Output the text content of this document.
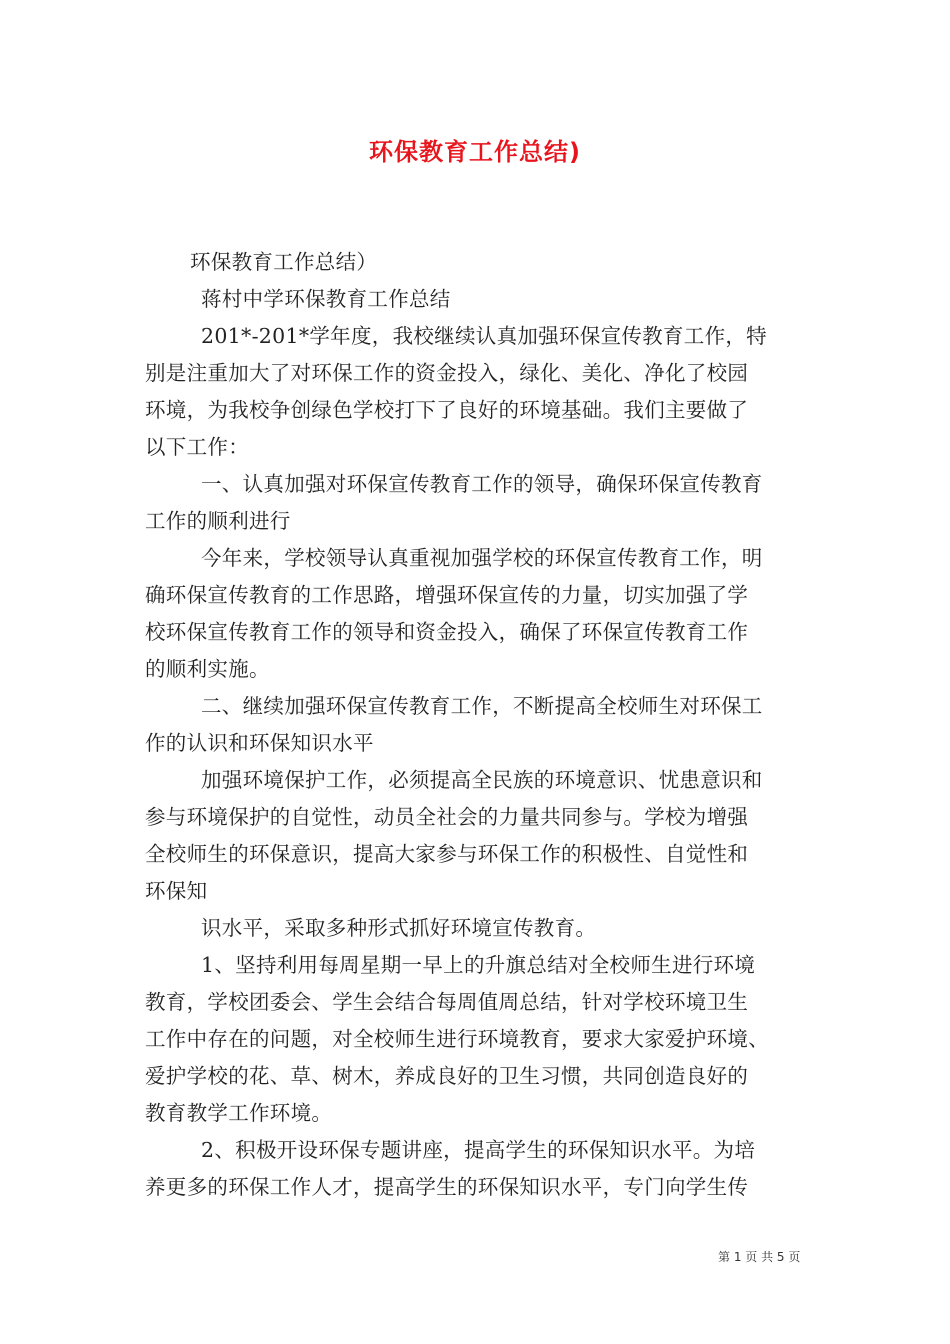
环保教育工作总结)
环保教育工作总结）
蒋村中学环保教育工作总结
201*-201*学年度，我校继续认真加强环保宣传教育工作，特
别是注重加大了对环保工作的资金投入，绿化、美化、净化了校园
环境，为我校争创绿色学校打下了良好的环境基础。我们主要做了
以下工作：
一、认真加强对环保宣传教育工作的领导，确保环保宣传教育
工作的顺利进行
今年来，学校领导认真重视加强学校的环保宣传教育工作，明
确环保宣传教育的工作思路，增强环保宣传的力量，切实加强了学
校环保宣传教育工作的领导和资金投入，确保了环保宣传教育工作
的顺利实施。
二、继续加强环保宣传教育工作，不断提高全校师生对环保工
作的认识和环保知识水平
加强环境保护工作，必须提高全民族的环境意识、忧患意识和
参与环境保护的自觉性，动员全社会的力量共同参与。学校为增强
全校师生的环保意识，提高大家参与环保工作的积极性、自觉性和
环保知
识水平，采取多种形式抓好环境宣传教育。
1、坚持利用每周星期一早上的升旗总结对全校师生进行环境
教育，学校团委会、学生会结合每周值周总结，针对学校环境卫生
工作中存在的问题，对全校师生进行环境教育，要求大家爱护环境、
爱护学校的花、草、树木，养成良好的卫生习惯，共同创造良好的
教育教学工作环境。
2、积极开设环保专题讲座，提高学生的环保知识水平。为培
养更多的环保工作人才，提高学生的环保知识水平，专门向学生传
第 1 页 共 5 页
